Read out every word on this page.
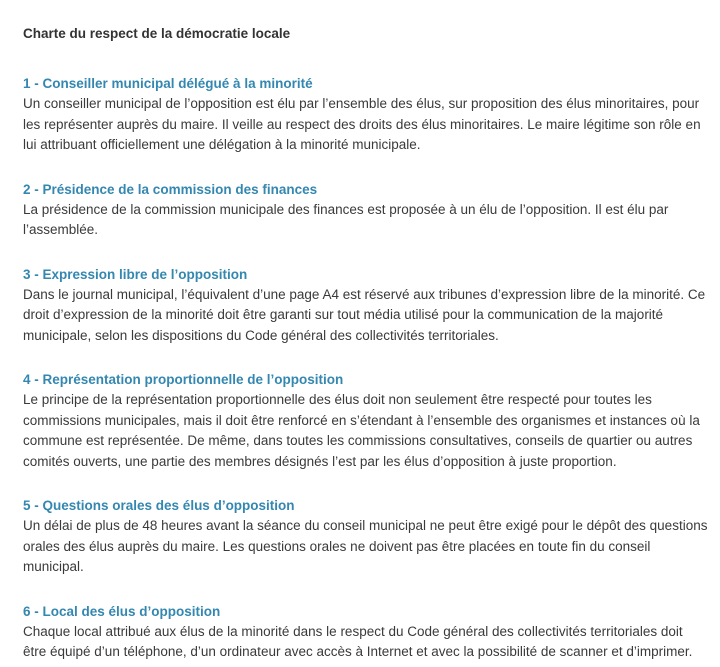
Charte du respect de la démocratie locale
1 - Conseiller municipal délégué à la minorité

Un conseiller municipal de l’opposition est élu par l’ensemble des élus, sur proposition des élus minoritaires, pour les représenter auprès du maire. Il veille au respect des droits des élus minoritaires. Le maire légitime son rôle en lui attribuant officiellement une délégation à la minorité municipale.

2 - Présidence de la commission des finances

La présidence de la commission municipale des finances est proposée à un élu de l’opposition. Il est élu par l’assemblée.

3 - Expression libre de l’opposition

Dans le journal municipal, l’équivalent d’une page A4 est réservé aux tribunes d’expression libre de la minorité. Ce droit d’expression de la minorité doit être garanti sur tout média utilisé pour la communication de la majorité municipale, selon les dispositions du Code général des collectivités territoriales.

4 - Représentation proportionnelle de l’opposition

Le principe de la représentation proportionnelle des élus doit non seulement être respecté pour toutes les commissions municipales, mais il doit être renforcé en s’étendant à l’ensemble des organismes et instances où la commune est représentée. De même, dans toutes les commissions consultatives, conseils de quartier ou autres comités ouverts, une partie des membres désignés l’est par les élus d’opposition à juste proportion.

5 - Questions orales des élus d’opposition

Un délai de plus de 48 heures avant la séance du conseil municipal ne peut être exigé pour le dépôt des questions orales des élus auprès du maire. Les questions orales ne doivent pas être placées en toute fin du conseil municipal.

6 - Local des élus d’opposition

Chaque local attribué aux élus de la minorité dans le respect du Code général des collectivités territoriales doit être équipé d’un téléphone, d’un ordinateur avec accès à Internet et avec la possibilité de scanner et d’imprimer.
